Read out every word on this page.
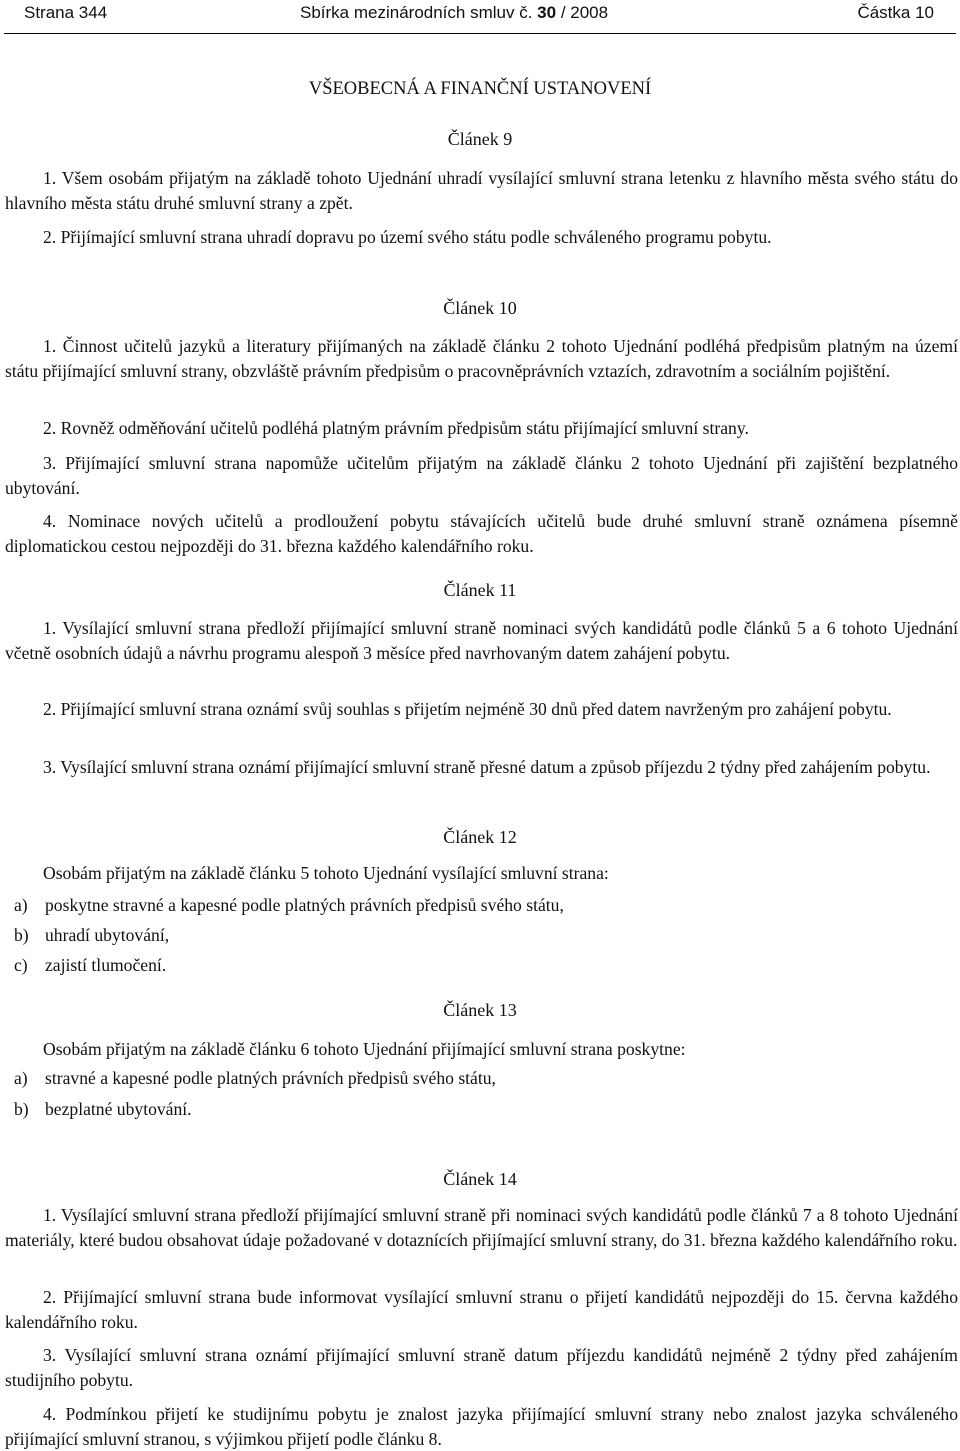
Strana 344	Sbírka mezinárodních smluv č. 30 / 2008	Částka 10
VŠEOBECNÁ A FINANČNÍ USTANOVENÍ
Článek 9
1. Všem osobám přijatým na základě tohoto Ujednání uhradí vysílající smluvní strana letenku z hlavního města svého státu do hlavního města státu druhé smluvní strany a zpět.
2. Přijímající smluvní strana uhradí dopravu po území svého státu podle schváleného programu pobytu.
Článek 10
1. Činnost učitelů jazyků a literatury přijímaných na základě článku 2 tohoto Ujednání podléhá předpisům platným na území státu přijímající smluvní strany, obzvláště právním předpisům o pracovněprávních vztazích, zdravotním a sociálním pojištění.
2. Rovněž odměňování učitelů podléhá platným právním předpisům státu přijímající smluvní strany.
3. Přijímající smluvní strana napomůže učitelům přijatým na základě článku 2 tohoto Ujednání při zajištění bezplatného ubytování.
4. Nominace nových učitelů a prodloužení pobytu stávajících učitelů bude druhé smluvní straně oznámena písemně diplomatickou cestou nejpozději do 31. března každého kalendářního roku.
Článek 11
1. Vysílající smluvní strana předloží přijímající smluvní straně nominaci svých kandidátů podle článků 5 a 6 tohoto Ujednání včetně osobních údajů a návrhu programu alespoň 3 měsíce před navrhovaným datem zahájení pobytu.
2. Přijímající smluvní strana oznámí svůj souhlas s přijetím nejméně 30 dnů před datem navrženým pro zahájení pobytu.
3. Vysílající smluvní strana oznámí přijímající smluvní straně přesné datum a způsob příjezdu 2 týdny před zahájením pobytu.
Článek 12
Osobám přijatým na základě článku 5 tohoto Ujednání vysílající smluvní strana:
a) poskytne stravné a kapesné podle platných právních předpisů svého státu,
b) uhradí ubytování,
c) zajistí tlumočení.
Článek 13
Osobám přijatým na základě článku 6 tohoto Ujednání přijímající smluvní strana poskytne:
a) stravné a kapesné podle platných právních předpisů svého státu,
b) bezplatné ubytování.
Článek 14
1. Vysílající smluvní strana předloží přijímající smluvní straně při nominaci svých kandidátů podle článků 7 a 8 tohoto Ujednání materiály, které budou obsahovat údaje požadované v dotaznících přijímající smluvní strany, do 31. března každého kalendářního roku.
2. Přijímající smluvní strana bude informovat vysílající smluvní stranu o přijetí kandidátů nejpozději do 15. června každého kalendářního roku.
3. Vysílající smluvní strana oznámí přijímající smluvní straně datum příjezdu kandidátů nejméně 2 týdny před zahájením studijního pobytu.
4. Podmínkou přijetí ke studijnímu pobytu je znalost jazyka přijímající smluvní strany nebo znalost jazyka schváleného přijímající smluvní stranou, s výjimkou přijetí podle článku 8.
